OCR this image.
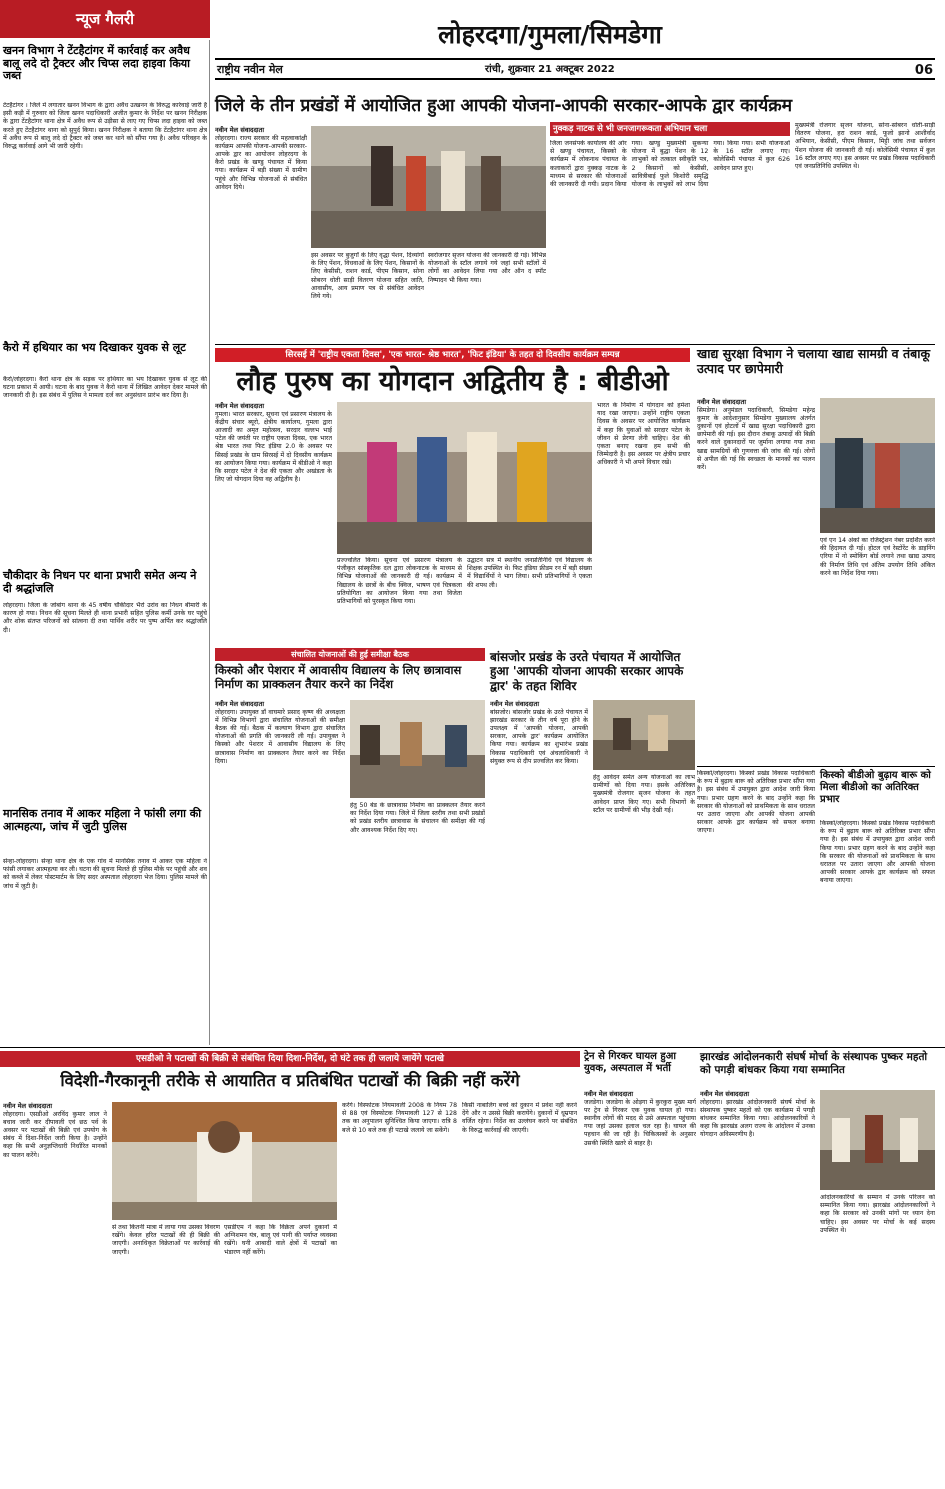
न्यूज गैलरी
लोहरदगा/गुमला/सिमडेगा
राष्ट्रीय नवीन मेल	रांची, शुक्रवार 21 अक्टूबर 2022	06
खनन विभाग ने टेंटहैटांगर में कार्रवाई कर अवैध बालू लदे दो ट्रैक्टर और चिप्स लदा हाइवा किया जब्त
टेंटहैटांगर । जिले में लगातार खनन विभाग के द्वारा अवैध उत्खनन के विरुद्ध कार्रवाई जारी है इसी कड़ी में गुरुवार को जिला खनन पदाधिकारी अजीत कुमार के निर्देश पर खनन निरीक्षक के द्वारा टेंटहैटांगर थाना क्षेत्र में अवैध रूप से उड़ीसा से लाए गए चिप्स लदा हाइवा को जब्त करते हुए टेंटहैटांगर थाना को सुपुर्द किया। खनन निरीक्षक ने बताया कि टेंटहैटांगर थाना क्षेत्र में अवैध रूप से बालू लदे दो ट्रैक्टर को जब्त कर थाने को सौंपा गया है। अवैध परिवहन के विरुद्ध कार्रवाई आगे भी जारी रहेगी।
कैरो में हथियार का भय दिखाकर युवक से लूट
कैरो/लोहरदगा। कैरो थाना क्षेत्र के सड़क पर हथियार का भय दिखाकर युवक से लूट की घटना प्रकाश में आयी। घटना के बाद युवक ने कैरो थाना में लिखित आवेदन देकर मामले की जानकारी दी है। इस संबंध में पुलिस ने मामला दर्ज कर अनुसंधान प्रारंभ कर दिया है।
चौकीदार के निधन पर थाना प्रभारी समेत अन्य ने दी श्रद्धांजलि
लोहरदगा। जिला के जोबांग थाना के 45 वर्षीय चौकीदार भैरो उरांव का निधन बीमारी के कारण हो गया। निधन की सूचना मिलते ही थाना प्रभारी सहित पुलिस कर्मी उनके घर पहुंचे और शोक संतप्त परिजनों को सांत्वना दी तथा पार्थिव शरीर पर पुष्प अर्पित कर श्रद्धांजलि दी।
मानसिक तनाव में आकर महिला ने फांसी लगा की आत्महत्या, जांच में जुटी पुलिस
सेन्हा-लोहरदगा। सेन्हा थाना क्षेत्र के एक गांव में मानसिक तनाव में आकर एक महिला ने फांसी लगाकर आत्महत्या कर ली। घटना की सूचना मिलते ही पुलिस मौके पर पहुंची और शव को कब्जे में लेकर पोस्टमार्टम के लिए सदर अस्पताल लोहरदगा भेज दिया। पुलिस मामले की जांच में जुटी है।
जिले के तीन प्रखंडों में आयोजित हुआ आपकी योजना-आपकी सरकार-आपके द्वार कार्यक्रम
नवीन मेल संवाददाता
लोहरदगा। राज्य सरकार की महत्वाकांक्षी कार्यक्रम आपकी योजना-आपकी सरकार-आपके द्वार का आयोजन लोहरदगा के कैरो प्रखंड के खण्डु पंचायत में किया गया। कार्यक्रम में बड़ी संख्या में ग्रामीण पहुंचे और विभिन्न योजनाओं से संबंधित आवेदन दिये।
इस अवसर पर बुजुर्गों के लिए वृद्धा पेंशन, दिव्यांगों के लिए पेंशन, विधवाओं के लिए पेंशन, किसानों के लिए केसीसी, राशन कार्ड, पीएम किसान, सोना सोबरन धोती साड़ी वितरण योजना सहित जाति, आवासीय, आय प्रमाण पत्र से संबंधित आवेदन लिये गये।
स्वरोजगार सृजन योजना की जानकारी दी गई। विभिन्न योजनाओं के स्टॉल लगाये गये जहां सभी स्टॉलों में लोगों का आवेदन लिया गया और ऑन द स्पॉट निष्पादन भी किया गया।
नुक्कड़ नाटक से भी जनजागरूकता अभियान चला
जिला जनसंपर्क कार्यालय की ओर से खण्डु पंचायत, किस्को के कार्यक्रम में लोकनाथ पंचायत के कलाकारों द्वारा नुक्कड़ नाटक के माध्यम से सरकार की योजनाओं की जानकारी दी गयी। प्रदान किया गया। खण्डु मुख्यमंत्री सुकन्या योजना में बुद्धा पेंशन के 12 लाभुकों को तत्काल स्वीकृति पत्र, 2 किसानों को केसीसी, सावित्रीबाई फुले किशोरी समृद्धि योजना के लाभुकों को लाभ दिया गया। किया गया। सभी योजनाओं के 16 स्टॉल लगाए गए। कोलेसिमी पंचायत में कुल 626 आवेदन प्राप्त हुए।
मुख्यमंत्री रोजगार सृजन योजना, सोना-सोबरन धोती-साड़ी वितरण योजना, हरा राशन कार्ड, फूलो झानो आशीर्वाद अभियान, केसीसी, पीएम किसान, मिट्टी जांच तथा सर्वजन पेंशन योजना की जानकारी दी गई। कोलेसिमी पंचायत में कुल 16 स्टॉल लगाए गए। इस अवसर पर प्रखंड विकास पदाधिकारी एवं जनप्रतिनिधि उपस्थित थे।
सिरसई में 'राष्ट्रीय एकता दिवस', 'एक भारत- श्रेष्ठ भारत', 'फिट इंडिया' के तहत दो दिवसीय कार्यक्रम सम्पन्न
लौह पुरुष का योगदान अद्वितीय है : बीडीओ
नवीन मेल संवाददाता
गुमला। भारत सरकार, सूचना एवं प्रसारण मंत्रालय के केंद्रीय संचार ब्यूरो, क्षेत्रीय कार्यालय, गुमला द्वारा आजादी का अमृत महोत्सव, सरदार वल्लभ भाई पटेल की जयंती पर राष्ट्रीय एकता दिवस, एक भारत श्रेष्ठ भारत तथा फिट इंडिया 2.0 के अवसर पर सिसई प्रखंड के ग्राम सिरसई में दो दिवसीय कार्यक्रम का आयोजन किया गया। कार्यक्रम में बीडीओ ने कहा कि सरदार पटेल ने देश की एकता और अखंडता के लिए जो योगदान दिया वह अद्वितीय है।
प्रज्ज्वलित किया। सूचना एवं प्रसारण मंत्रालय के पंजीकृत सांस्कृतिक दल द्वारा लोकनाटक के माध्यम से विभिन्न योजनाओं की जानकारी दी गई। कार्यक्रम में विद्यालय के छात्रों के बीच क्विज, भाषण एवं चित्रकला प्रतियोगिता का आयोजन किया गया तथा विजेता प्रतिभागियों को पुरस्कृत किया गया।
उद्घाटन सत्र में स्थानीय जनप्रतिनिधि एवं विद्यालय के शिक्षक उपस्थित थे। फिट इंडिया फ्रीडम रन में बड़ी संख्या में विद्यार्थियों ने भाग लिया। सभी प्रतिभागियों ने एकता की शपथ ली।
भारत के निर्माण में योगदान को हमेशा याद रखा जाएगा। उन्होंने राष्ट्रीय एकता दिवस के अवसर पर आयोजित कार्यक्रम में कहा कि युवाओं को सरदार पटेल के जीवन से प्रेरणा लेनी चाहिए। देश की एकता बनाए रखना हम सभी की जिम्मेदारी है। इस अवसर पर क्षेत्रीय प्रचार अधिकारी ने भी अपने विचार रखे।
खाद्य सुरक्षा विभाग ने चलाया खाद्य सामग्री व तंबाकू उत्पाद पर छापेमारी
नवीन मेल संवाददाता
सिमडेगा। अनुमंडल पदाधिकारी, सिमडेगा महेन्द्र कुमार के आदेशानुसार सिमडेगा मुख्यालय अंतर्गत दुकानों एवं होटलों में खाद्य सुरक्षा पदाधिकारी द्वारा छापेमारी की गई। इस दौरान तंबाकू उत्पादों की बिक्री करने वाले दुकानदारों पर जुर्माना लगाया गया तथा खाद्य सामग्रियों की गुणवत्ता की जांच की गई। लोगों से अपील की गई कि स्वच्छता के मानकों का पालन करें।
एवं एन 14 अंकों का रजिस्ट्रेशन नंबर प्रदर्शित करने की हिदायत दी गई। होटल एवं रेस्टोरेंट के डाइनिंग एरिया में नो स्मोकिंग बोर्ड लगाने तथा खाद्य उत्पाद की निर्माण तिथि एवं अंतिम उपयोग तिथि अंकित करने का निर्देश दिया गया।
किस्को बीडीओ बुढ़ाय बारू को मिला बीडीओ का अतिरिक्त प्रभार
किस्को/लोहरदगा। किस्को प्रखंड विकास पदाधिकारी के रूप में बुढ़ाय बारू को अतिरिक्त प्रभार सौंपा गया है। इस संबंध में उपायुक्त द्वारा आदेश जारी किया गया। प्रभार ग्रहण करने के बाद उन्होंने कहा कि सरकार की योजनाओं को प्राथमिकता के साथ धरातल पर उतारा जाएगा और आपकी योजना आपकी सरकार आपके द्वार कार्यक्रम को सफल बनाया जाएगा।
किस्को/लोहरदगा। किस्को प्रखंड विकास पदाधिकारी के रूप में बुढ़ाय बारू को अतिरिक्त प्रभार सौंपा गया है। इस संबंध में उपायुक्त द्वारा आदेश जारी किया गया। प्रभार ग्रहण करने के बाद उन्होंने कहा कि सरकार की योजनाओं को प्राथमिकता के साथ धरातल पर उतारा जाएगा और आपकी योजना आपकी सरकार आपके द्वार कार्यक्रम को सफल बनाया जाएगा।
संचालित योजनाओं की हुई समीक्षा बैठक
किस्को और पेशरार में आवासीय विद्यालय के लिए छात्रावास निर्माण का प्राक्कलन तैयार करने का निर्देश
नवीन मेल संवाददाता
लोहरदगा। उपायुक्त डॉ वाघमारे प्रसाद कृष्ण की अध्यक्षता में विभिन्न विभागों द्वारा संचालित योजनाओं की समीक्षा बैठक की गई। बैठक में कल्याण विभाग द्वारा संचालित योजनाओं की प्रगति की जानकारी ली गई। उपायुक्त ने किस्को और पेशरार में आवासीय विद्यालय के लिए छात्रावास निर्माण का प्राक्कलन तैयार करने का निर्देश दिया।
हेतु 50 बेड के छात्रावास निर्माण का प्राक्कलन तैयार करने का निर्देश दिया गया। जिले में जिला स्तरीय तथा सभी प्रखंडों को प्रखंड स्तरीय छात्रावास के संचालन की समीक्षा की गई और आवश्यक निर्देश दिए गए।
बांसजोर प्रखंड के उरते पंचायत में आयोजित हुआ 'आपकी योजना आपकी सरकार आपके द्वार' के तहत शिविर
नवीन मेल संवाददाता
बांसजोर। बांसजोर प्रखंड के उरते पंचायत में झारखंड सरकार के तीन वर्ष पूरा होने के उपलक्ष्य में 'आपकी योजना, आपकी सरकार, आपके द्वार' कार्यक्रम आयोजित किया गया। कार्यक्रम का शुभारंभ प्रखंड विकास पदाधिकारी एवं अंचलाधिकारी ने संयुक्त रूप से दीप प्रज्वलित कर किया।
हेतु आवेदन समेत अन्य योजनाओं का लाभ ग्रामीणों को दिया गया। इसके अतिरिक्त मुख्यमंत्री रोजगार सृजन योजना के तहत आवेदन प्राप्त किए गए। सभी विभागों के स्टॉल पर ग्रामीणों की भीड़ देखी गई।
एसडीओ ने पटाखों की बिक्री से संबंधित दिया दिशा-निर्देश, दो घंटे तक ही जलाये जायेंगे पटाखे
विदेशी-गैरकानूनी तरीके से आयातित व प्रतिबंधित पटाखों की बिक्री नहीं करेंगे
नवीन मेल संवाददाता
लोहरदगा। एसडीओ अरविंद कुमार लाल ने बचाव जारी कर दीपावली एवं छठ पर्व के अवसर पर पटाखों की बिक्री एवं उपयोग के संबंध में दिशा-निर्देश जारी किया है। उन्होंने कहा कि सभी अनुज्ञप्तिधारी निर्धारित मानकों का पालन करेंगे।
से तथा कितनी मात्रा में लाया गया उसका विवरण रखेंगे। केवल हरित पटाखों की ही बिक्री की जाएगी। अनाधिकृत विक्रेताओं पर कार्रवाई की जाएगी।
एसडीएम ने कहा कि विक्रेता अपने दुकानों में अग्निशमन यंत्र, बालू एवं पानी की पर्याप्त व्यवस्था रखेंगे। घनी आबादी वाले क्षेत्रों में पटाखों का भंडारण नहीं करेंगे।
करेंगे। विस्फोटक नियमावली 2008 के नियम 78 से 88 एवं विस्फोटक नियमावली 127 से 128 तक का अनुपालन सुनिश्चित किया जाएगा। रात्रि 8 बजे से 10 बजे तक ही पटाखे जलाये जा सकेंगे।
किसी नाबालिग बच्चे को दुकान में प्रवेश नहीं करने देंगे और न उससे बिक्री करायेंगे। दुकानों में धूम्रपान वर्जित रहेगा। निर्देश का उल्लंघन करने पर संबंधित के विरुद्ध कार्रवाई की जाएगी।
ट्रेन से गिरकर घायल हुआ युवक, अस्पताल में भर्ती
नवीन मेल संवाददाता
जलडेगा। जलडेगा के ओड़गा में कुरकुरा मुख्य मार्ग पर ट्रेन से गिरकर एक युवक घायल हो गया। स्थानीय लोगों की मदद से उसे अस्पताल पहुंचाया गया जहां उसका इलाज चल रहा है। घायल की पहचान की जा रही है। चिकित्सकों के अनुसार उसकी स्थिति खतरे से बाहर है।
झारखंड आंदोलनकारी संघर्ष मोर्चा के संस्थापक पुष्कर महतो को पगड़ी बांधकर किया गया सम्मानित
नवीन मेल संवाददाता
लोहरदगा। झारखंड आंदोलनकारी संघर्ष मोर्चा के संस्थापक पुष्कर महतो को एक कार्यक्रम में पगड़ी बांधकर सम्मानित किया गया। आंदोलनकारियों ने कहा कि झारखंड अलग राज्य के आंदोलन में उनका योगदान अविस्मरणीय है।
आंदोलनकारियों के सम्मान में उनके परिजन को सम्मानित किया गया। झारखंड आंदोलनकारियों ने कहा कि सरकार को उनकी मांगों पर ध्यान देना चाहिए। इस अवसर पर मोर्चा के कई सदस्य उपस्थित थे।
